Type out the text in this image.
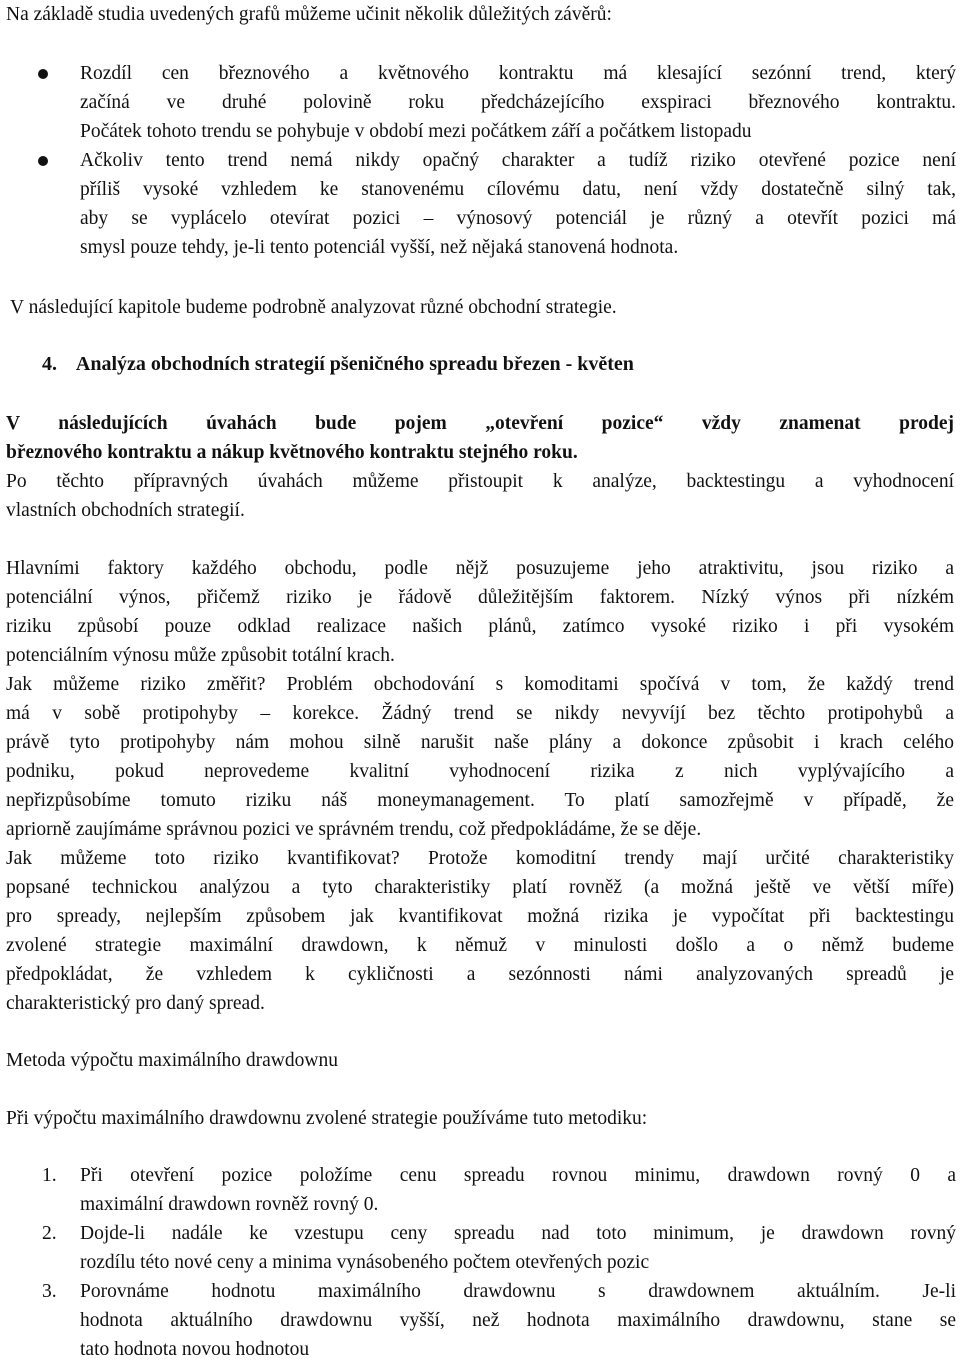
Na základě studia uvedených grafů můžeme učinit několik důležitých závěrů:
Rozdíl cen březnového a květnového kontraktu má klesající sezónní trend, který
začíná ve druhé polovině roku předcházejícího exspiraci březnového kontraktu.
Počátek tohoto trendu se pohybuje v období mezi počátkem září a počátkem listopadu
Ačkoliv tento trend nemá nikdy opačný charakter a tudíž riziko otevřené pozice není
příliš vysoké vzhledem ke stanovenému cílovému datu, není vždy dostatečně silný tak,
aby se vyplácelo otevírat pozici – výnosový potenciál je různý a otevřít pozici má
smysl pouze tehdy, je-li tento potenciál vyšší, než nějaká stanovená hodnota.
V následující kapitole budeme podrobně analyzovat různé obchodní strategie.
4. Analýza obchodních strategií pšeničného spreadu březen - květen
V následujících úvahách bude pojem „otevření pozice“ vždy znamenat prodej
březnového kontraktu a nákup květnového kontraktu stejného roku.
Po těchto přípravných úvahách můžeme přistoupit k analýze, backtestingu a vyhodnocení
vlastních obchodních strategií.
Hlavními faktory každého obchodu, podle nějž posuzujeme jeho atraktivitu, jsou riziko a
potenciální výnos, přičemž riziko je řádově důležitějším faktorem. Nízký výnos při nízkém
riziku způsobí pouze odklad realizace našich plánů, zatímco vysoké riziko i při vysokém
potenciálním výnosu může způsobit totální krach.
Jak můžeme riziko změřit? Problém obchodování s komoditami spočívá v tom, že každý trend
má v sobě protipohyby – korekce. Žádný trend se nikdy nevyvíjí bez těchto protipohybů a
právě tyto protipohyby nám mohou silně narušit naše plány a dokonce způsobit i krach celého
podniku, pokud neprovedeme kvalitní vyhodnocení rizika z nich vyplývajícího a
nepřizpůsobíme tomuto riziku náš moneymanagement. To platí samozřejmě v případě, že
apriorně zaujímáme správnou pozici ve správném trendu, což předpokládáme, že se děje.
Jak můžeme toto riziko kvantifikovat? Protože komoditní trendy mají určité charakteristiky
popsané technickou analýzou a tyto charakteristiky platí rovněž (a možná ještě ve větší míře)
pro spready, nejlepším způsobem jak kvantifikovat možná rizika je vypočítat při backtestingu
zvolené strategie maximální drawdown, k němuž v minulosti došlo a o němž budeme
předpokládat, že vzhledem k cykličnosti a sezónnosti námi analyzovaných spreadů je
charakteristický pro daný spread.
Metoda výpočtu maximálního drawdownu
Při výpočtu maximálního drawdownu zvolené strategie používáme tuto metodiku:
1. Při otevření pozice položíme cenu spreadu rovnou minimu, drawdown rovný 0 a
maximální drawdown rovněž rovný 0.
2. Dojde-li nadále ke vzestupu ceny spreadu nad toto minimum, je drawdown rovný
rozdílu této nové ceny a minima vynásobeného počtem otevřených pozic
3. Porovnáme hodnotu maximálního drawdownu s drawdownem aktuálním. Je-li
hodnota aktuálního drawdownu vyšší, než hodnota maximálního drawdownu, stane se
tato hodnota novou hodnotou
